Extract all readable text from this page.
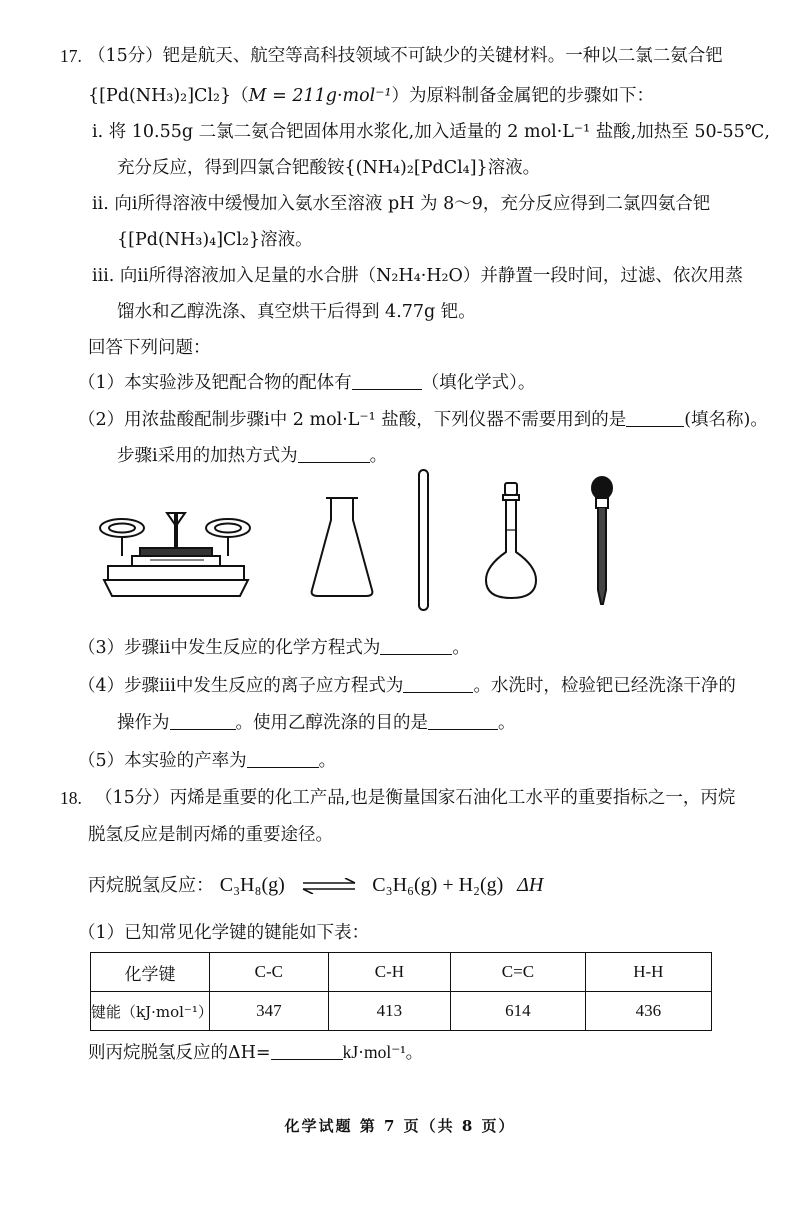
17. （15分）钯是航天、航空等高科技领域不可缺少的关键材料。一种以二氯二氨合钯
{[Pd(NH₃)₂]Cl₂}（M = 211g·mol⁻¹）为原料制备金属钯的步骤如下：
ⅰ. 将 10.55g 二氯二氨合钯固体用水浆化,加入适量的 2 mol·L⁻¹ 盐酸,加热至 50-55℃,
充分反应，得到四氯合钯酸铵{(NH₄)₂[PdCl₄]}溶液。
ⅱ. 向ⅰ所得溶液中缓慢加入氨水至溶液 pH 为 8～9，充分反应得到二氯四氨合钯
{[Pd(NH₃)₄]Cl₂}溶液。
ⅲ. 向ⅱ所得溶液加入足量的水合肼（N₂H₄·H₂O）并静置一段时间，过滤、依次用蒸
馏水和乙醇洗涤、真空烘干后得到 4.77g 钯。
回答下列问题：
（1）本实验涉及钯配合物的配体有	（填化学式）。
（2）用浓盐酸配制步骤ⅰ中 2 mol·L⁻¹ 盐酸，下列仪器不需要用到的是	(填名称)。
步骤ⅰ采用的加热方式为	。
（3）步骤ⅱ中发生反应的化学方程式为	。
（4）步骤ⅲ中发生反应的离子应方程式为	。水洗时，检验钯已经洗涤干净的
操作为	。使用乙醇洗涤的目的是	。
（5）本实验的产率为	。
18. （15分）丙烯是重要的化工产品,也是衡量国家石油化工水平的重要指标之一，丙烷
脱氢反应是制丙烯的重要途径。
丙烷脱氢反应： C₃H₈(g) ⇌ C₃H₆(g) + H₂(g) ΔH
（1）已知常见化学键的键能如下表：
化学键	C-C	C-H	C=C	H-H
键能（kJ·mol⁻¹）	347	413	614	436
则丙烷脱氢反应的ΔH=	kJ·mol⁻¹。
化学试题 第 7 页（共 8 页）
